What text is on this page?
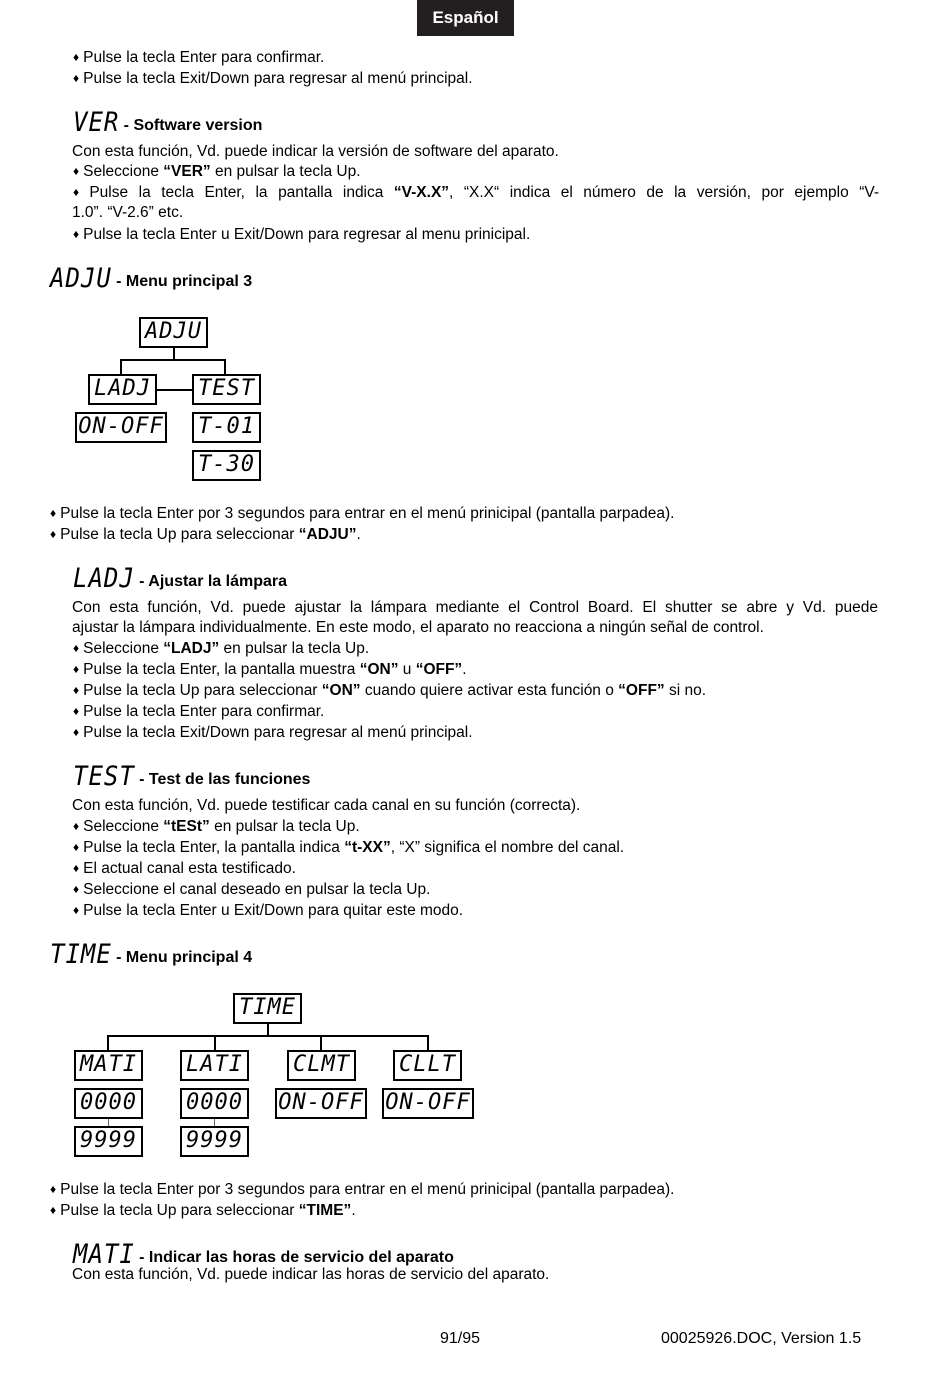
Español
♦ Pulse la tecla Enter para confirmar.
♦ Pulse la tecla Exit/Down para regresar al menú principal.
VER - Software version
Con esta función, Vd. puede indicar la versión de software del aparato.
♦ Seleccione “VER” en pulsar la tecla Up.
♦ Pulse la tecla Enter, la pantalla indica “V-X.X”, “X.X“ indica el número de la versión, por ejemplo “V-
1.0”. “V-2.6” etc.
♦ Pulse la tecla Enter u Exit/Down para regresar al menu prinicipal.
ADJU - Menu principal 3
ADJU
LADJ TEST
ON-OFF T-01
T-30
♦ Pulse la tecla Enter por 3 segundos para entrar en el menú prinicipal (pantalla parpadea).
♦ Pulse la tecla Up para seleccionar “ADJU”.
LADJ - Ajustar la lámpara
Con esta función, Vd. puede ajustar la lámpara mediante el Control Board. El shutter se abre y Vd. puede
ajustar la lámpara individualmente. En este modo, el aparato no reacciona a ningún señal de control.
♦ Seleccione “LADJ” en pulsar la tecla Up.
♦ Pulse la tecla Enter, la pantalla muestra “ON” u “OFF”.
♦ Pulse la tecla Up para seleccionar “ON” cuando quiere activar esta función o “OFF” si no.
♦ Pulse la tecla Enter para confirmar.
♦ Pulse la tecla Exit/Down para regresar al menú principal.
TEST - Test de las funciones
Con esta función, Vd. puede testificar cada canal en su función (correcta).
♦ Seleccione “tESt” en pulsar la tecla Up.
♦ Pulse la tecla Enter, la pantalla indica “t-XX”, “X” significa el nombre del canal.
♦ El actual canal esta testificado.
♦ Seleccione el canal deseado en pulsar la tecla Up.
♦ Pulse la tecla Enter u Exit/Down para quitar este modo.
TIME - Menu principal 4
TIME
MATI LATI CLMT CLLT
0000 0000 ON-OFF ON-OFF
9999 9999
♦ Pulse la tecla Enter por 3 segundos para entrar en el menú prinicipal (pantalla parpadea).
♦ Pulse la tecla Up para seleccionar “TIME”.
MATI - Indicar las horas de servicio del aparato
Con esta función, Vd. puede indicar las horas de servicio del aparato.
91/95	00025926.DOC, Version 1.5
